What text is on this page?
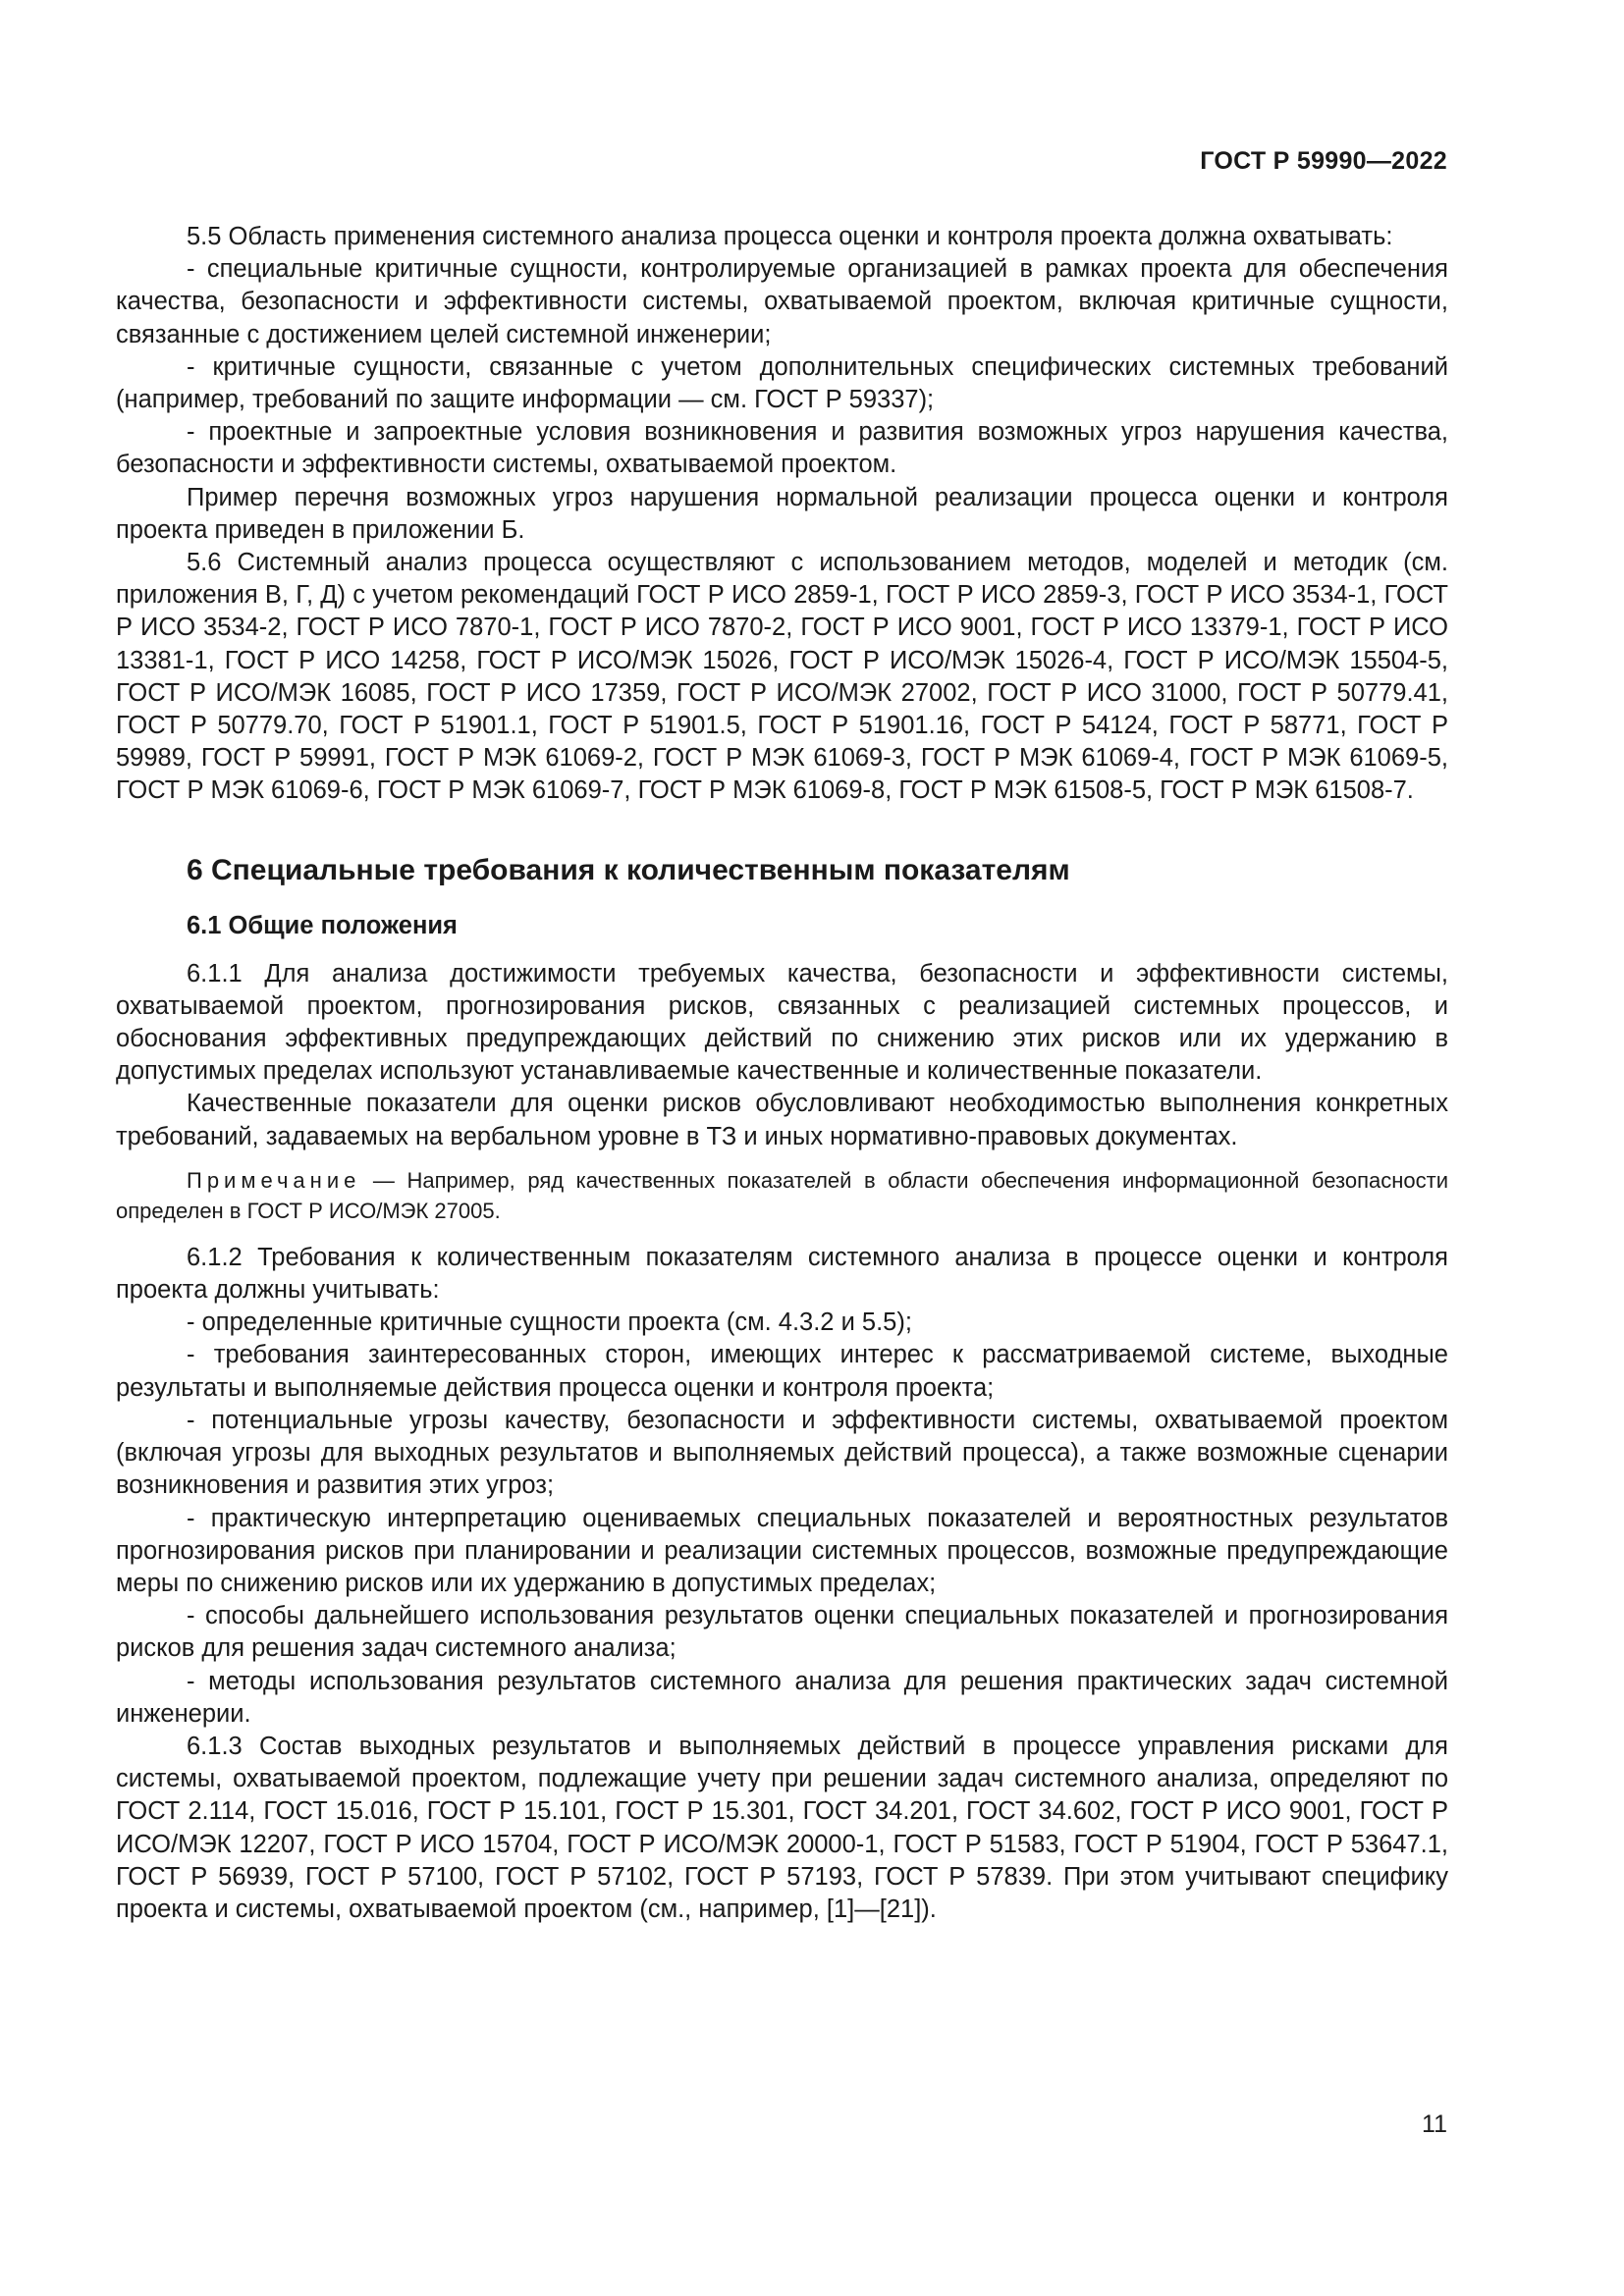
ГОСТ Р 59990—2022

5.5 Область применения системного анализа процесса оценки и контроля проекта должна охватывать:

- специальные критичные сущности, контролируемые организацией в рамках проекта для обеспечения качества, безопасности и эффективности системы, охватываемой проектом, включая критичные сущности, связанные с достижением целей системной инженерии;

- критичные сущности, связанные с учетом дополнительных специфических системных требований (например, требований по защите информации — см. ГОСТ Р 59337);

- проектные и запроектные условия возникновения и развития возможных угроз нарушения качества, безопасности и эффективности системы, охватываемой проектом.

Пример перечня возможных угроз нарушения нормальной реализации процесса оценки и контроля проекта приведен в приложении Б.

5.6 Системный анализ процесса осуществляют с использованием методов, моделей и методик (см. приложения В, Г, Д) с учетом рекомендаций ГОСТ Р ИСО 2859-1, ГОСТ Р ИСО 2859-3, ГОСТ Р ИСО 3534-1, ГОСТ Р ИСО 3534-2, ГОСТ Р ИСО 7870-1, ГОСТ Р ИСО 7870-2, ГОСТ Р ИСО 9001, ГОСТ Р ИСО 13379-1, ГОСТ Р ИСО 13381-1, ГОСТ Р ИСО 14258, ГОСТ Р ИСО/МЭК 15026, ГОСТ Р ИСО/МЭК 15026-4, ГОСТ Р ИСО/МЭК 15504-5, ГОСТ Р ИСО/МЭК 16085, ГОСТ Р ИСО 17359, ГОСТ Р ИСО/МЭК 27002, ГОСТ Р ИСО 31000, ГОСТ Р 50779.41, ГОСТ Р 50779.70, ГОСТ Р 51901.1, ГОСТ Р 51901.5, ГОСТ Р 51901.16, ГОСТ Р 54124, ГОСТ Р 58771, ГОСТ Р 59989, ГОСТ Р 59991, ГОСТ Р МЭК 61069-2, ГОСТ Р МЭК 61069-3, ГОСТ Р МЭК 61069-4, ГОСТ Р МЭК 61069-5, ГОСТ Р МЭК 61069-6, ГОСТ Р МЭК 61069-7, ГОСТ Р МЭК 61069-8, ГОСТ Р МЭК 61508-5, ГОСТ Р МЭК 61508-7.

6 Специальные требования к количественным показателям
6.1 Общие положения

6.1.1 Для анализа достижимости требуемых качества, безопасности и эффективности системы, охватываемой проектом, прогнозирования рисков, связанных с реализацией системных процессов, и обоснования эффективных предупреждающих действий по снижению этих рисков или их удержанию в допустимых пределах используют устанавливаемые качественные и количественные показатели.

Качественные показатели для оценки рисков обусловливают необходимостью выполнения конкретных требований, задаваемых на вербальном уровне в ТЗ и иных нормативно-правовых документах.

Примечание — Например, ряд качественных показателей в области обеспечения информационной безопасности определен в ГОСТ Р ИСО/МЭК 27005.

6.1.2 Требования к количественным показателям системного анализа в процессе оценки и контроля проекта должны учитывать:

- определенные критичные сущности проекта (см. 4.3.2 и 5.5);

- требования заинтересованных сторон, имеющих интерес к рассматриваемой системе, выходные результаты и выполняемые действия процесса оценки и контроля проекта;

- потенциальные угрозы качеству, безопасности и эффективности системы, охватываемой проектом (включая угрозы для выходных результатов и выполняемых действий процесса), а также возможные сценарии возникновения и развития этих угроз;

- практическую интерпретацию оцениваемых специальных показателей и вероятностных результатов прогнозирования рисков при планировании и реализации системных процессов, возможные предупреждающие меры по снижению рисков или их удержанию в допустимых пределах;

- способы дальнейшего использования результатов оценки специальных показателей и прогнозирования рисков для решения задач системного анализа;

- методы использования результатов системного анализа для решения практических задач системной инженерии.

6.1.3 Состав выходных результатов и выполняемых действий в процессе управления рисками для системы, охватываемой проектом, подлежащие учету при решении задач системного анализа, определяют по ГОСТ 2.114, ГОСТ 15.016, ГОСТ Р 15.101, ГОСТ Р 15.301, ГОСТ 34.201, ГОСТ 34.602, ГОСТ Р ИСО 9001, ГОСТ Р ИСО/МЭК 12207, ГОСТ Р ИСО 15704, ГОСТ Р ИСО/МЭК 20000-1, ГОСТ Р 51583, ГОСТ Р 51904, ГОСТ Р 53647.1, ГОСТ Р 56939, ГОСТ Р 57100, ГОСТ Р 57102, ГОСТ Р 57193, ГОСТ Р 57839. При этом учитывают специфику проекта и системы, охватываемой проектом (см., например, [1]—[21]).

11
